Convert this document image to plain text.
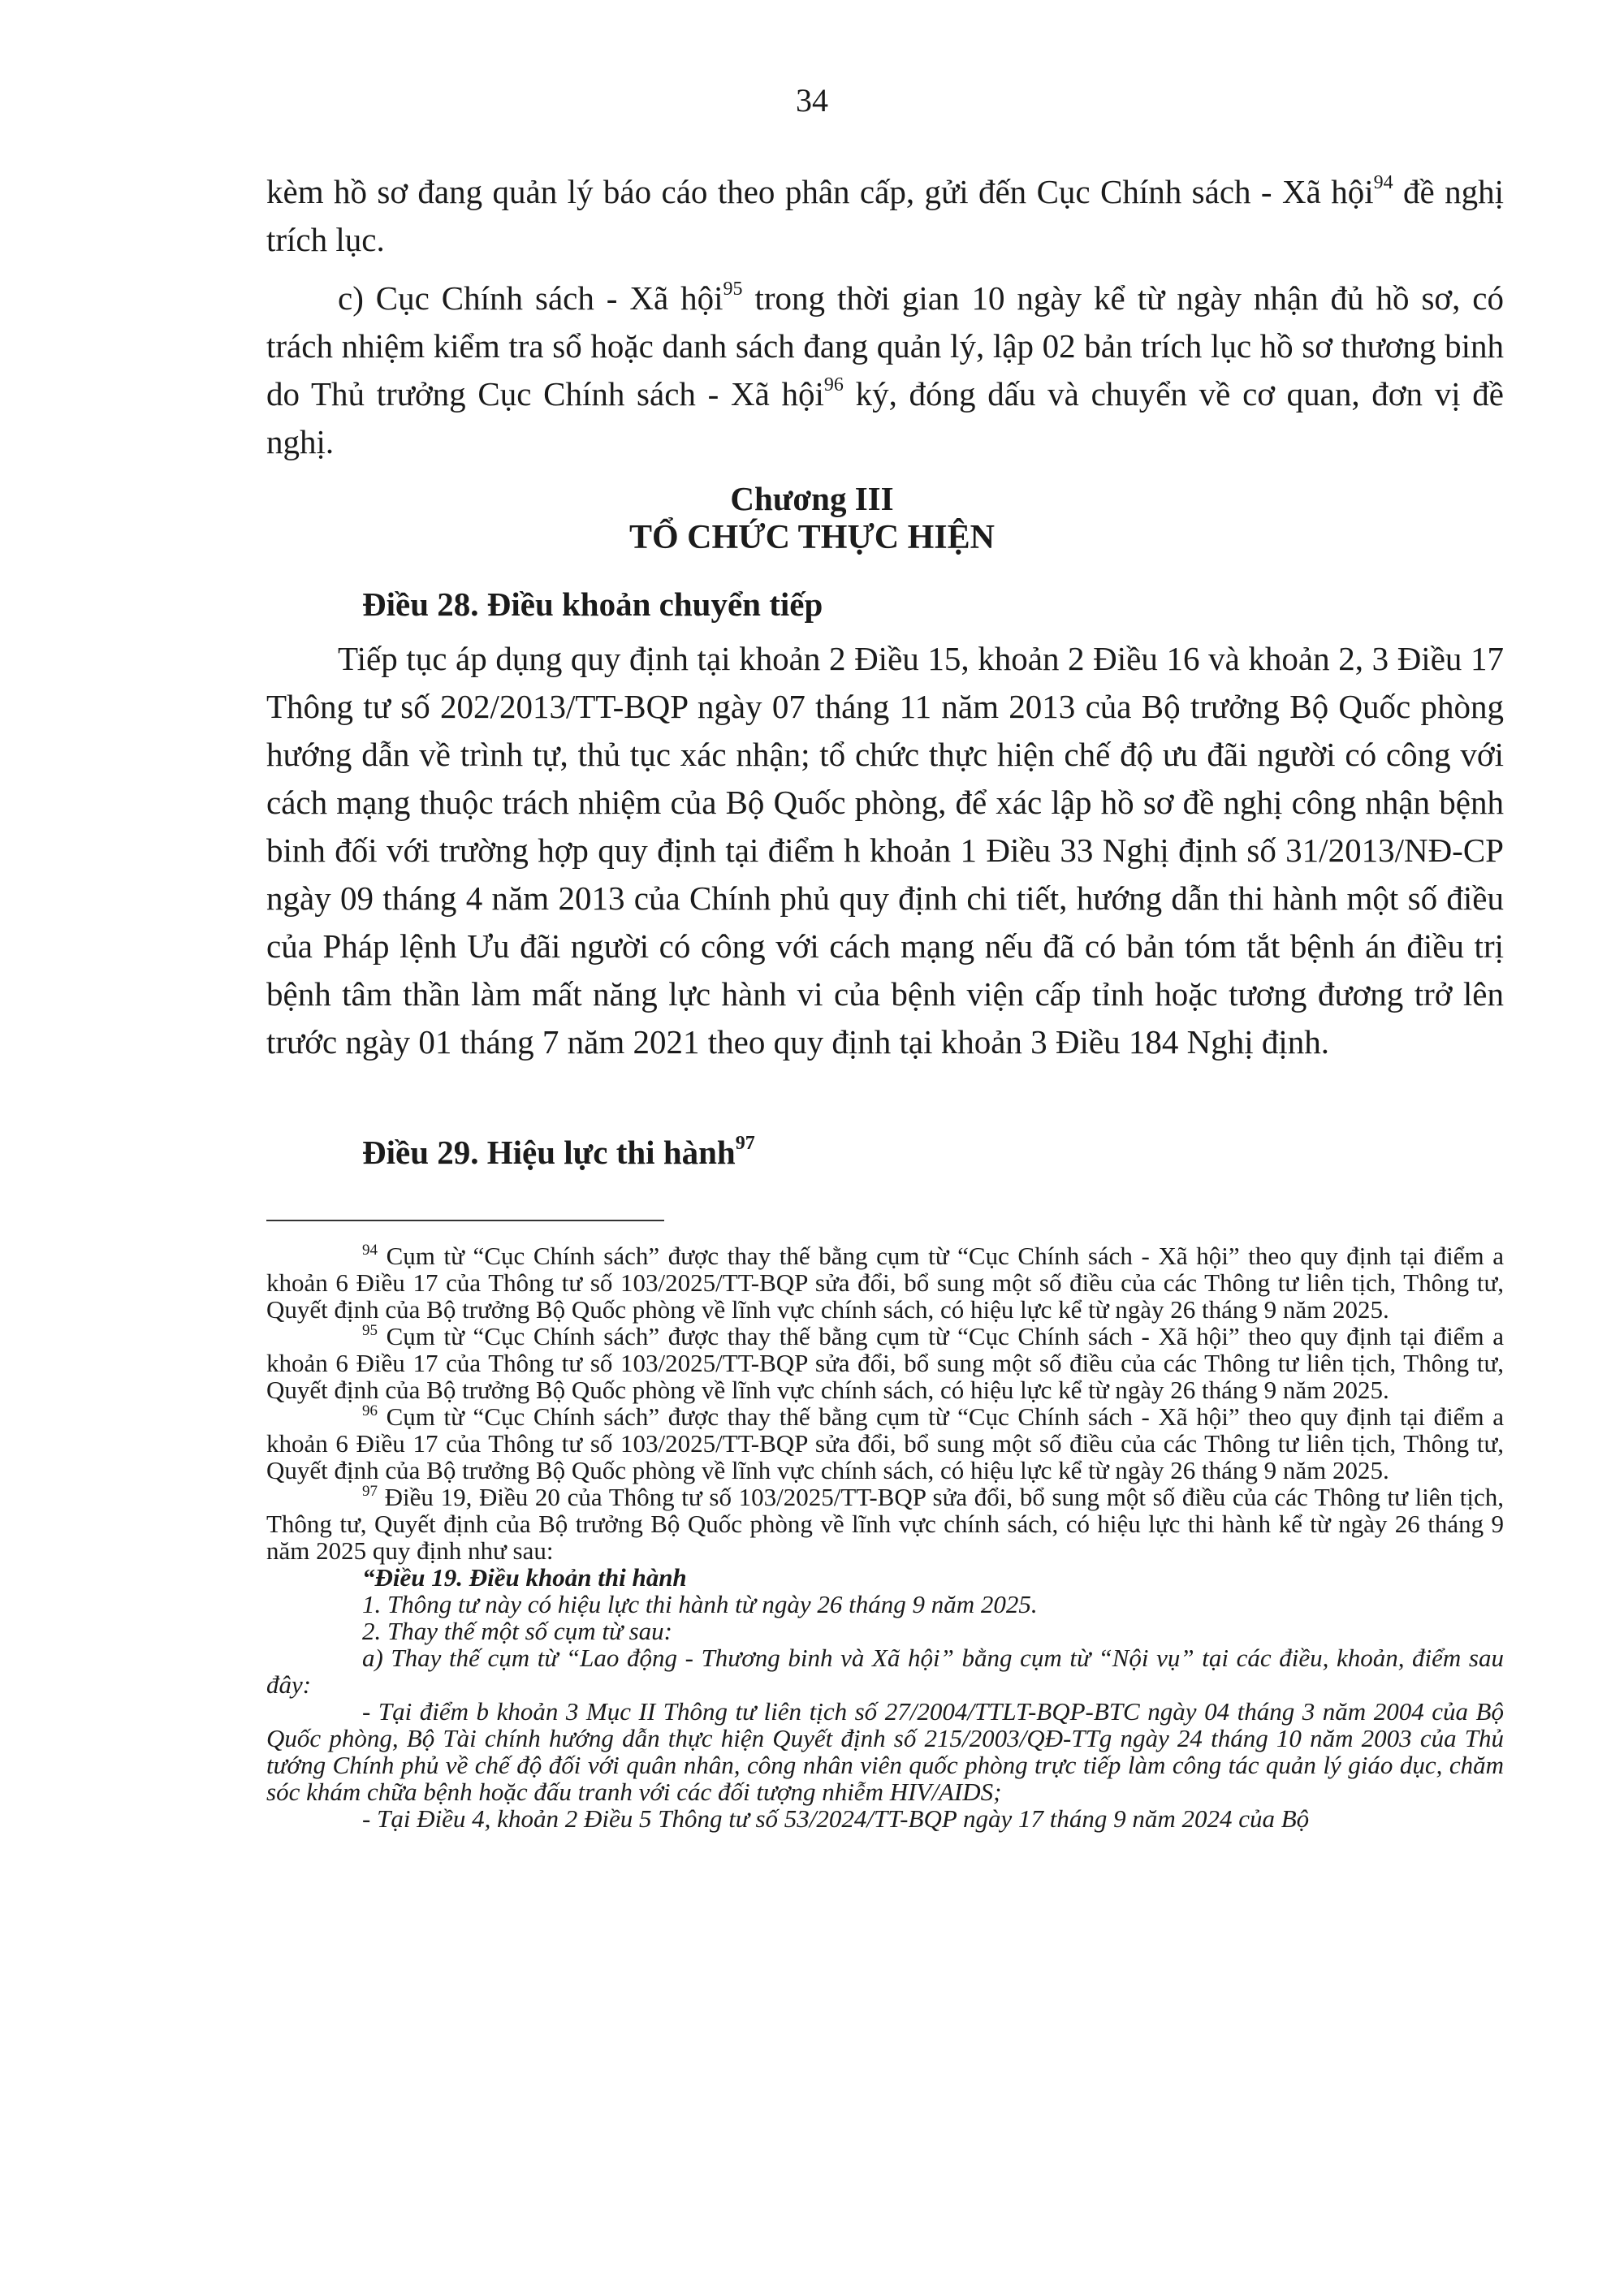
34

kèm hồ sơ đang quản lý báo cáo theo phân cấp, gửi đến Cục Chính sách - Xã hội$^{94}$ đề nghị trích lục.

c) Cục Chính sách - Xã hội$^{95}$ trong thời gian 10 ngày kể từ ngày nhận đủ hồ sơ, có trách nhiệm kiểm tra sổ hoặc danh sách đang quản lý, lập 02 bản trích lục hồ sơ thương binh do Thủ trưởng Cục Chính sách - Xã hội$^{96}$ ký, đóng dấu và chuyển về cơ quan, đơn vị đề nghị.

Chương III
TỔ CHỨC THỰC HIỆN
Điều 28. Điều khoản chuyển tiếp

Tiếp tục áp dụng quy định tại khoản 2 Điều 15, khoản 2 Điều 16 và khoản 2, 3 Điều 17 Thông tư số 202/2013/TT-BQP ngày 07 tháng 11 năm 2013 của Bộ trưởng Bộ Quốc phòng hướng dẫn về trình tự, thủ tục xác nhận; tổ chức thực hiện chế độ ưu đãi người có công với cách mạng thuộc trách nhiệm của Bộ Quốc phòng, để xác lập hồ sơ đề nghị công nhận bệnh binh đối với trường hợp quy định tại điểm h khoản 1 Điều 33 Nghị định số 31/2013/NĐ-CP ngày 09 tháng 4 năm 2013 của Chính phủ quy định chi tiết, hướng dẫn thi hành một số điều của Pháp lệnh Ưu đãi người có công với cách mạng nếu đã có bản tóm tắt bệnh án điều trị bệnh tâm thần làm mất năng lực hành vi của bệnh viện cấp tỉnh hoặc tương đương trở lên trước ngày 01 tháng 7 năm 2021 theo quy định tại khoản 3 Điều 184 Nghị định.

Điều 29. Hiệu lực thi hành$^{97}$

$^{94}$ Cụm từ “Cục Chính sách” được thay thế bằng cụm từ “Cục Chính sách - Xã hội” theo quy định tại điểm a khoản 6 Điều 17 của Thông tư số 103/2025/TT-BQP sửa đổi, bổ sung một số điều của các Thông tư liên tịch, Thông tư, Quyết định của Bộ trưởng Bộ Quốc phòng về lĩnh vực chính sách, có hiệu lực kể từ ngày 26 tháng 9 năm 2025.

$^{95}$ Cụm từ “Cục Chính sách” được thay thế bằng cụm từ “Cục Chính sách - Xã hội” theo quy định tại điểm a khoản 6 Điều 17 của Thông tư số 103/2025/TT-BQP sửa đổi, bổ sung một số điều của các Thông tư liên tịch, Thông tư, Quyết định của Bộ trưởng Bộ Quốc phòng về lĩnh vực chính sách, có hiệu lực kể từ ngày 26 tháng 9 năm 2025.

$^{96}$ Cụm từ “Cục Chính sách” được thay thế bằng cụm từ “Cục Chính sách - Xã hội” theo quy định tại điểm a khoản 6 Điều 17 của Thông tư số 103/2025/TT-BQP sửa đổi, bổ sung một số điều của các Thông tư liên tịch, Thông tư, Quyết định của Bộ trưởng Bộ Quốc phòng về lĩnh vực chính sách, có hiệu lực kể từ ngày 26 tháng 9 năm 2025.

$^{97}$ Điều 19, Điều 20 của Thông tư số 103/2025/TT-BQP sửa đổi, bổ sung một số điều của các Thông tư liên tịch, Thông tư, Quyết định của Bộ trưởng Bộ Quốc phòng về lĩnh vực chính sách, có hiệu lực thi hành kể từ ngày 26 tháng 9 năm 2025 quy định như sau:

“Điều 19. Điều khoản thi hành

1. Thông tư này có hiệu lực thi hành từ ngày 26 tháng 9 năm 2025.

2. Thay thế một số cụm từ sau:

a) Thay thế cụm từ “Lao động - Thương binh và Xã hội” bằng cụm từ “Nội vụ” tại các điều, khoản, điểm sau đây:

- Tại điểm b khoản 3 Mục II Thông tư liên tịch số 27/2004/TTLT-BQP-BTC ngày 04 tháng 3 năm 2004 của Bộ Quốc phòng, Bộ Tài chính hướng dẫn thực hiện Quyết định số 215/2003/QĐ-TTg ngày 24 tháng 10 năm 2003 của Thủ tướng Chính phủ về chế độ đối với quân nhân, công nhân viên quốc phòng trực tiếp làm công tác quản lý giáo dục, chăm sóc khám chữa bệnh hoặc đấu tranh với các đối tượng nhiễm HIV/AIDS;

- Tại Điều 4, khoản 2 Điều 5 Thông tư số 53/2024/TT-BQP ngày 17 tháng 9 năm 2024 của Bộ
